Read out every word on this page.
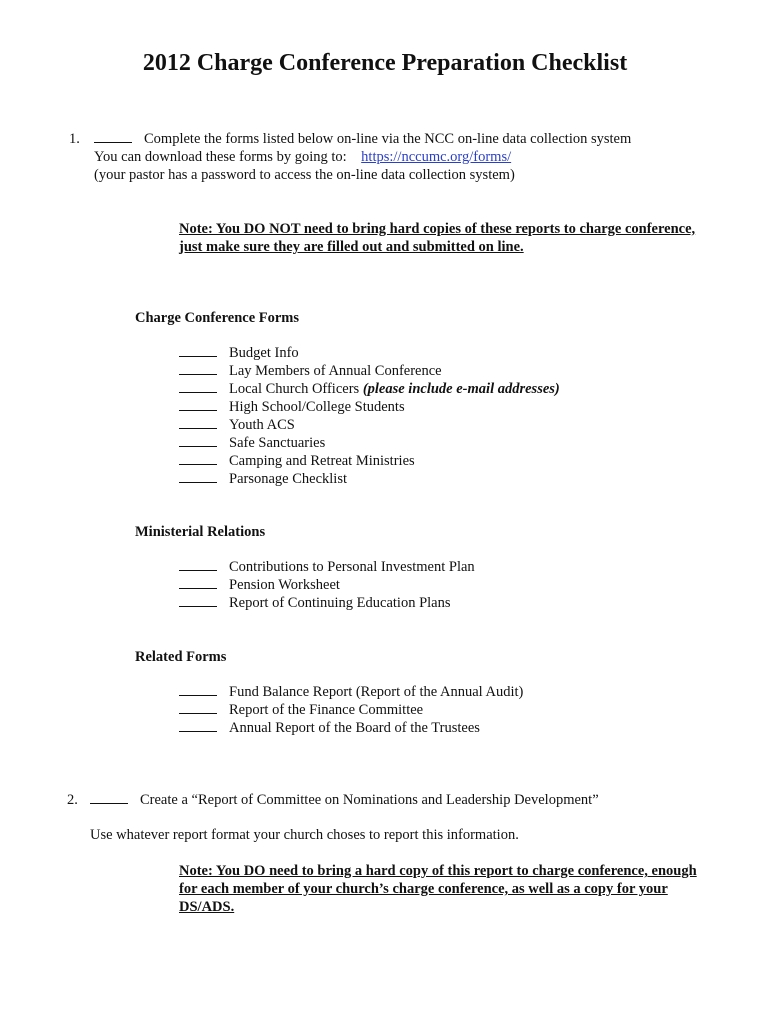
2012 Charge Conference Preparation Checklist
1.	Complete the forms listed below on-line via the NCC on-line data collection system
You can download these forms by going to: https://nccumc.org/forms/
(your pastor has a password to access the on-line data collection system)
Note: You DO NOT need to bring hard copies of these reports to charge conference,
just make sure they are filled out and submitted on line.
Charge Conference Forms
Budget Info
Lay Members of Annual Conference
Local Church Officers
(please include e-mail addresses)
High School/College Students
Youth ACS
Safe Sanctuaries
Camping and Retreat Ministries
Parsonage Checklist
Ministerial Relations
Contributions to Personal Investment Plan
Pension Worksheet
Report of Continuing Education Plans
Related Forms
Fund Balance Report (Report of the Annual Audit)
Report of the Finance Committee
Annual Report of the Board of the Trustees
2.	Create a “Report of Committee on Nominations and Leadership Development”
Use whatever report format your church choses to report this information.
Note: You DO need to bring a hard copy of this report to charge conference, enough
for each member of your church’s charge conference, as well as a copy for your
DS/ADS.
